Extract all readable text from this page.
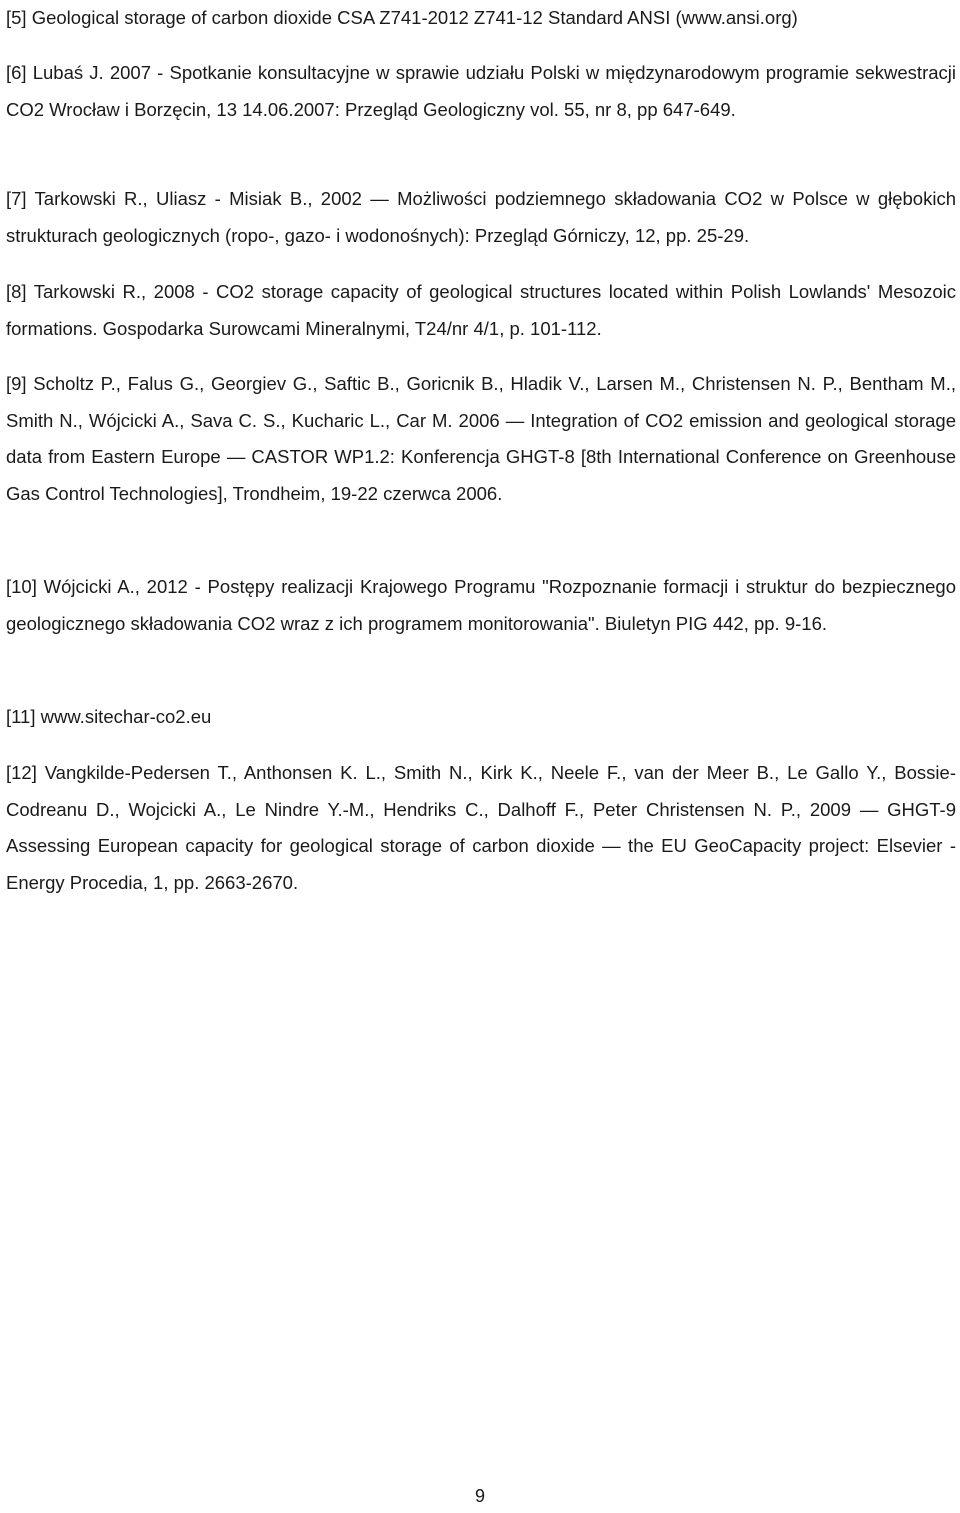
[5] Geological storage of carbon dioxide CSA Z741-2012 Z741-12 Standard ANSI (www.ansi.org)

[6] Lubaś J. 2007 - Spotkanie konsultacyjne w sprawie udziału Polski w międzynarodowym programie sekwestracji CO2 Wrocław i Borzęcin, 13 14.06.2007: Przegląd Geologiczny vol. 55, nr 8, pp 647-649.

[7] Tarkowski R., Uliasz - Misiak B., 2002 — Możliwości podziemnego składowania CO2 w Polsce w głębokich strukturach geologicznych (ropo-, gazo- i wodonośnych): Przegląd Górniczy, 12, pp. 25-29.

[8] Tarkowski R., 2008 - CO2 storage capacity of geological structures located within Polish Lowlands' Mesozoic formations. Gospodarka Surowcami Mineralnymi, T24/nr 4/1, p. 101-112.

[9] Scholtz P., Falus G., Georgiev G., Saftic B., Goricnik B., Hladik V., Larsen M., Christensen N. P., Bentham M., Smith N., Wójcicki A., Sava C. S., Kucharic L., Car M. 2006 — Integration of CO2 emission and geological storage data from Eastern Europe — CASTOR WP1.2: Konferencja GHGT-8 [8th International Conference on Greenhouse Gas Control Technologies], Trondheim, 19-22 czerwca 2006.

[10] Wójcicki A., 2012 - Postępy realizacji Krajowego Programu "Rozpoznanie formacji i struktur do bezpiecznego geologicznego składowania CO2 wraz z ich programem monitorowania". Biuletyn PIG 442, pp. 9-16.

[11] www.sitechar-co2.eu

[12] Vangkilde-Pedersen T., Anthonsen K. L., Smith N., Kirk K., Neele F., van der Meer B., Le Gallo Y., Bossie-Codreanu D., Wojcicki A., Le Nindre Y.-M., Hendriks C., Dalhoff F., Peter Christensen N. P., 2009 — GHGT-9 Assessing European capacity for geological storage of carbon dioxide — the EU GeoCapacity project: Elsevier - Energy Procedia, 1, pp. 2663-2670.

9
